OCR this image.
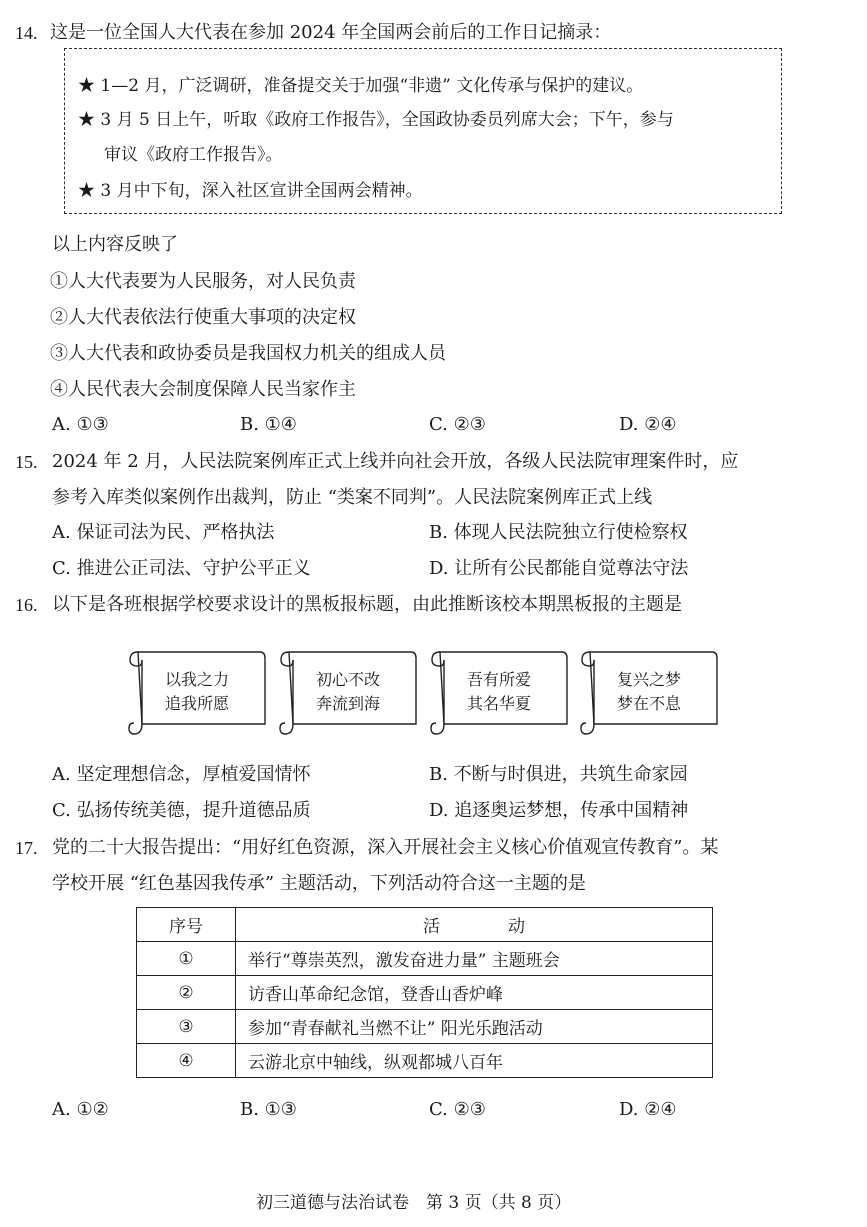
14. 这是一位全国人大代表在参加 2024 年全国两会前后的工作日记摘录：
★ 1—2 月，广泛调研，准备提交关于加强“非遗” 文化传承与保护的建议。
★ 3 月 5 日上午，听取《政府工作报告》，全国政协委员列席大会；下午，参与
审议《政府工作报告》。
★ 3 月中下旬，深入社区宣讲全国两会精神。
以上内容反映了
①人大代表要为人民服务，对人民负责
②人大代表依法行使重大事项的决定权
③人大代表和政协委员是我国权力机关的组成人员
④人民代表大会制度保障人民当家作主
A. ①③	B. ①④	C. ②③	D. ②④
15. 2024 年 2 月，人民法院案例库正式上线并向社会开放，各级人民法院审理案件时，应
参考入库类似案例作出裁判，防止 “类案不同判”。人民法院案例库正式上线
A. 保证司法为民、严格执法	B. 体现人民法院独立行使检察权
C. 推进公正司法、守护公平正义	D. 让所有公民都能自觉尊法守法
16. 以下是各班根据学校要求设计的黑板报标题，由此推断该校本期黑板报的主题是
以我之力
追我所愿
初心不改
奔流到海
吾有所爱
其名华夏
复兴之梦
梦在不息
A. 坚定理想信念，厚植爱国情怀	B. 不断与时俱进，共筑生命家园
C. 弘扬传统美德，提升道德品质	D. 追逐奥运梦想，传承中国精神
17. 党的二十大报告提出：“用好红色资源，深入开展社会主义核心价值观宣传教育”。某
学校开展 “红色基因我传承” 主题活动，下列活动符合这一主题的是
序号	活　　　　动
①	举行“尊崇英烈，激发奋进力量” 主题班会
②	访香山革命纪念馆，登香山香炉峰
③	参加“青春献礼当燃不让” 阳光乐跑活动
④	云游北京中轴线，纵观都城八百年
A. ①②	B. ①③	C. ②③	D. ②④
初三道德与法治试卷　第 3 页（共 8 页）
